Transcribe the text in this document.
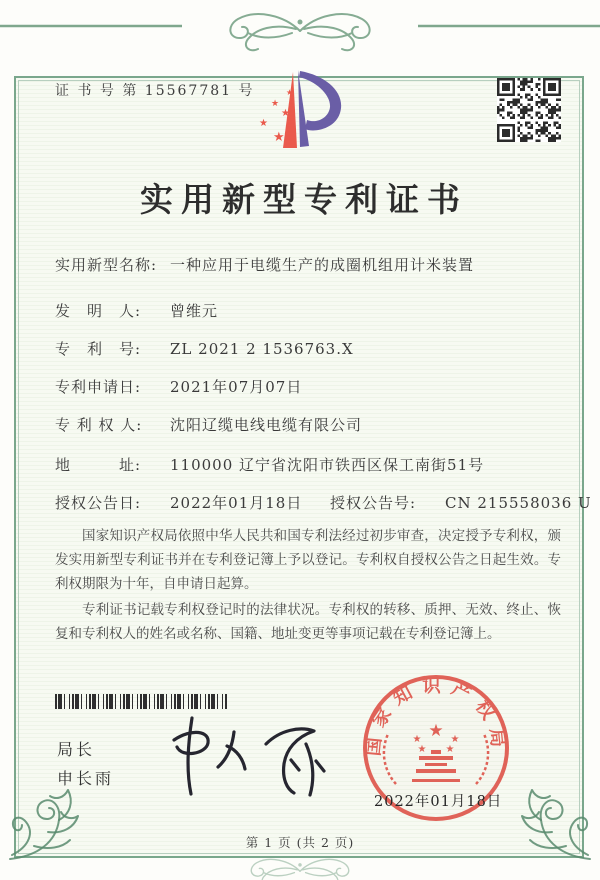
证 书 号 第 15567781 号	★
★
★
★
★
实用新型专利证书
实用新型名称: 一种应用于电缆生产的成圈机组用计米装置
发　明　人: 曾维元
专　利　号: ZL 2021 2 1536763.X
专利申请日: 2021年07月07日
专 利 权 人: 沈阳辽缆电线电缆有限公司
地　　　址: 110000 辽宁省沈阳市铁西区保工南街51号
授权公告日: 2022年01月18日 授权公告号: CN 215558036 U

国家知识产权局依照中华人民共和国专利法经过初步审查，决定授予专利权，颁发实用新型专利证书并在专利登记簿上予以登记。专利权自授权公告之日起生效。专利权期限为十年，自申请日起算。

专利证书记载专利权登记时的法律状况。专利权的转移、质押、无效、终止、恢复和专利权人的姓名或名称、国籍、地址变更等事项记载在专利登记簿上。

局长
申长雨
国家知识产权局
★
★	★
★ ★
2022年01月18日
第 1 页 (共 2 页)
